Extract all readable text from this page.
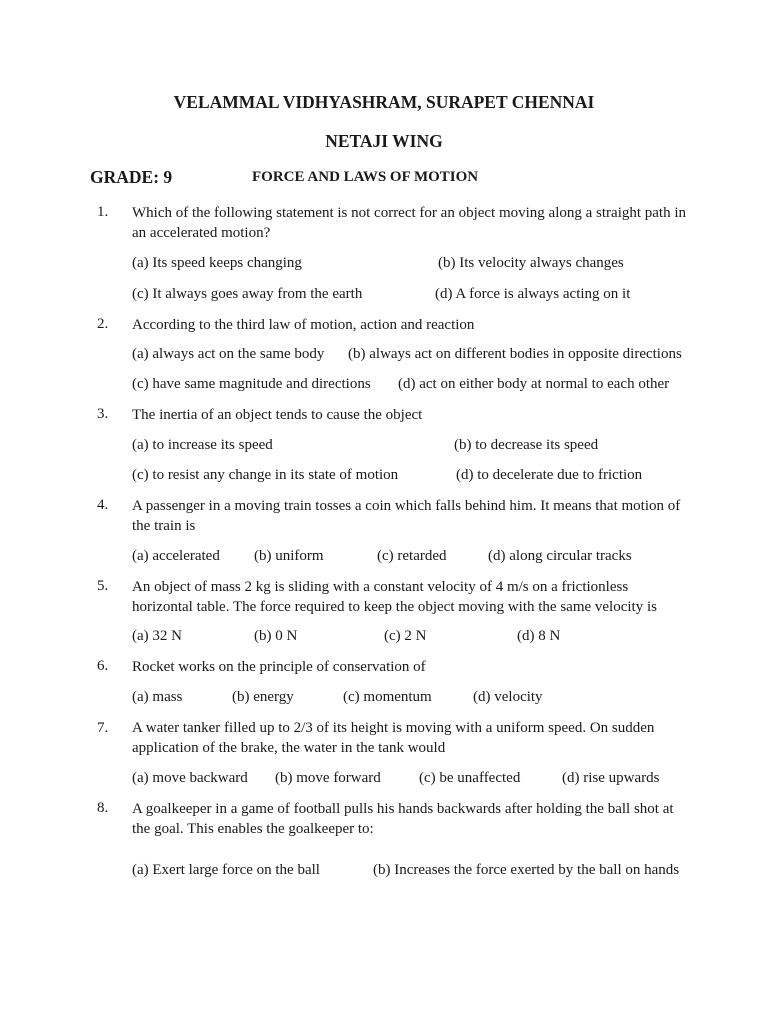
VELAMMAL VIDHYASHRAM, SURAPET CHENNAI
NETAJI WING
GRADE: 9	FORCE AND LAWS OF MOTION
1. Which of the following statement is not correct for an object moving along a straight path in an accelerated motion?
(a) Its speed keeps changing	(b) Its velocity always changes
(c) It always goes away from the earth	(d) A force is always acting on it
2. According to the third law of motion, action and reaction
(a) always act on the same body (b) always act on different bodies in opposite directions
(c) have same magnitude and directions (d) act on either body at normal to each other
3. The inertia of an object tends to cause the object
(a) to increase its speed	(b) to decrease its speed
(c) to resist any change in its state of motion	(d) to decelerate due to friction
4. A passenger in a moving train tosses a coin which falls behind him. It means that motion of the train is
(a) accelerated (b) uniform	(c) retarded	(d) along circular tracks
5. An object of mass 2 kg is sliding with a constant velocity of 4 m/s on a frictionless horizontal table. The force required to keep the object moving with the same velocity is
(a) 32 N	(b) 0 N	(c) 2 N	(d) 8 N
6. Rocket works on the principle of conservation of
(a) mass	(b) energy	(c) momentum	(d) velocity
7. A water tanker filled up to 2/3 of its height is moving with a uniform speed. On sudden application of the brake, the water in the tank would
(a) move backward (b) move forward	(c) be unaffected	(d) rise upwards
8. A goalkeeper in a game of football pulls his hands backwards after holding the ball shot at the goal. This enables the goalkeeper to:
(a) Exert large force on the ball	(b) Increases the force exerted by the ball on hands
